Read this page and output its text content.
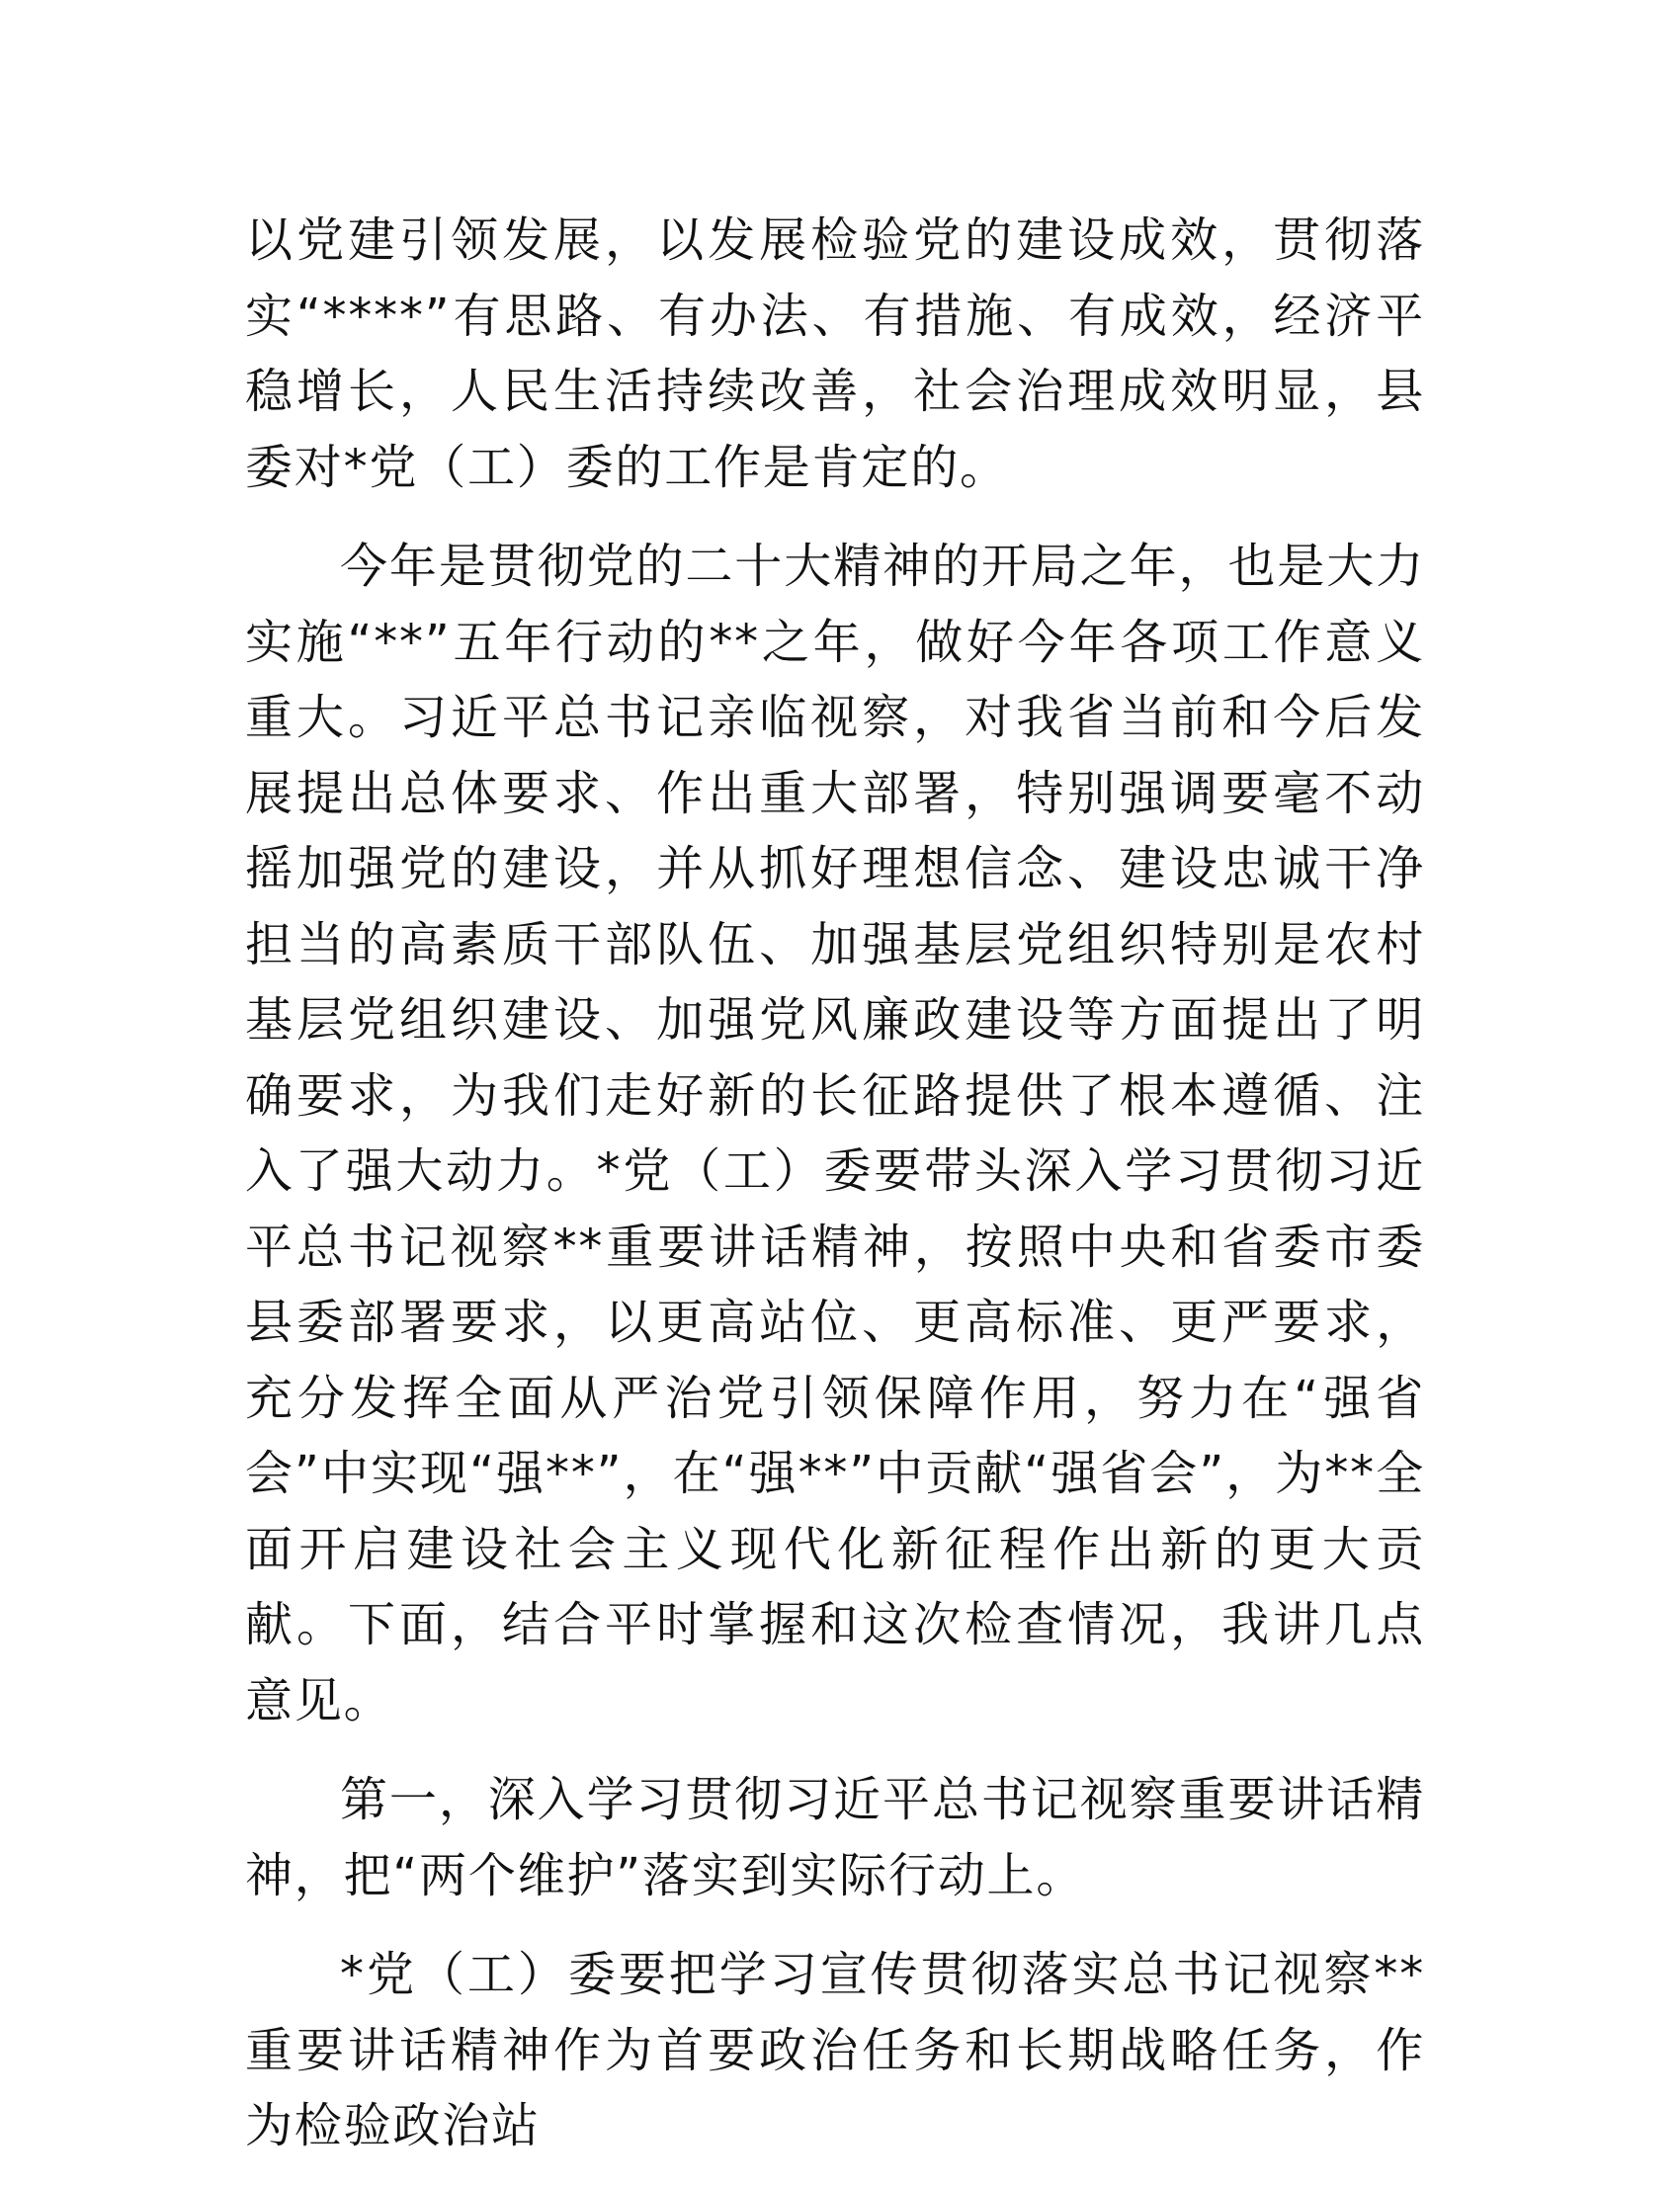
以党建引领发展，以发展检验党的建设成效，贯彻落实“****”有思路、有办法、有措施、有成效，经济平稳增长，人民生活持续改善，社会治理成效明显，县委对*党（工）委的工作是肯定的。

今年是贯彻党的二十大精神的开局之年，也是大力实施“**”五年行动的**之年，做好今年各项工作意义重大。习近平总书记亲临视察，对我省当前和今后发展提出总体要求、作出重大部署，特别强调要毫不动摇加强党的建设，并从抓好理想信念、建设忠诚干净担当的高素质干部队伍、加强基层党组织特别是农村基层党组织建设、加强党风廉政建设等方面提出了明确要求，为我们走好新的长征路提供了根本遵循、注入了强大动力。*党（工）委要带头深入学习贯彻习近平总书记视察**重要讲话精神，按照中央和省委市委县委部署要求，以更高站位、更高标准、更严要求，充分发挥全面从严治党引领保障作用，努力在“强省会”中实现“强**”，在“强**”中贡献“强省会”，为**全面开启建设社会主义现代化新征程作出新的更大贡献。下面，结合平时掌握和这次检查情况，我讲几点意见。

第一，深入学习贯彻习近平总书记视察重要讲话精神，把“两个维护”落实到实际行动上。

*党（工）委要把学习宣传贯彻落实总书记视察**重要讲话精神作为首要政治任务和长期战略任务，作为检验政治站
